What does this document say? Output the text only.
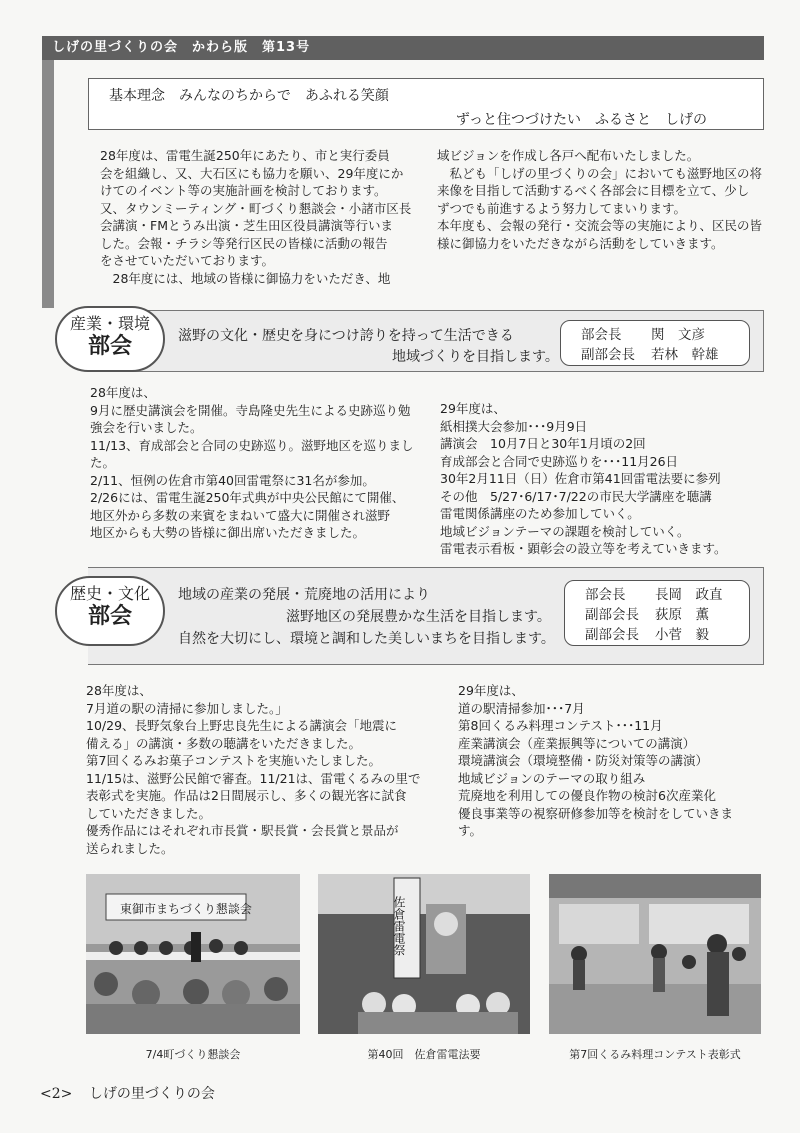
しげの里づくりの会　かわら版　第13号
基本理念　みんなのちからで　あふれる笑顔
ずっと住つづけたい　ふるさと　しげの

28年度は、雷電生誕250年にあたり、市と実行委員

会を組織し、又、大石区にも協力を願い、29年度にか

けてのイベント等の実施計画を検討しております。

又、タウンミーティング・町づくり懇談会・小諸市区長

会講演・FMとうみ出演・芝生田区役員講演等行いま

した。会報・チラシ等発行区民の皆様に活動の報告

をさせていただいております。

　28年度には、地域の皆様に御協力をいただき、地

域ビジョンを作成し各戸へ配布いたしました。

　私ども「しげの里づくりの会」においても滋野地区の将

来像を目指して活動するべく各部会に目標を立て、少し

ずつでも前進するよう努力してまいります。

本年度も、会報の発行・交流会等の実施により、区民の皆

様に御協力をいただきながら活動をしていきます。

産業・環境
部会	滋野の文化・歴史を身につけ誇りを持って生活できる
地域づくりを目指します。
部会長	関　文彦
副部会長	若林　幹雄

28年度は、

9月に歴史講演会を開催。寺島隆史先生による史跡巡り勉

強会を行いました。

11/13、育成部会と合同の史跡巡り。滋野地区を巡りまし

た。

2/11、恒例の佐倉市第40回雷電祭に31名が参加。

2/26には、雷電生誕250年式典が中央公民館にて開催、

地区外から多数の来賓をまねいて盛大に開催され滋野

地区からも大勢の皆様に御出席いただきました。

29年度は、

紙相撲大会参加･･･9月9日

講演会　10月7日と30年1月頃の2回

育成部会と合同で史跡巡りを･･･11月26日

30年2月11日（日）佐倉市第41回雷電法要に参列

その他　5/27･6/17･7/22の市民大学講座を聴講

雷電関係講座のため参加していく。

地域ビジョンテーマの課題を検討していく。

雷電表示看板・顕彰会の設立等を考えていきます。

歴史・文化
部会
地域の産業の発展・荒廃地の活用により
滋野地区の発展豊かな生活を目指します。
自然を大切にし、環境と調和した美しいまちを目指します。
部会長	長岡　政直
副部会長	荻原　薫
副部会長	小菅　毅

28年度は、

7月道の駅の清掃に参加しました。」

10/29、長野気象台上野忠良先生による講演会「地震に

備える」の講演・多数の聴講をいただきました。

第7回くるみお菓子コンテストを実施いたしました。

11/15は、滋野公民館で審査。11/21は、雷電くるみの里で

表彰式を実施。作品は2日間展示し、多くの観光客に試食

していただきました。

優秀作品にはそれぞれ市長賞・駅長賞・会長賞と景品が

送られました。

29年度は、

道の駅清掃参加･･･7月

第8回くるみ料理コンテスト･･･11月

産業講演会（産業振興等についての講演）

環境講演会（環境整備・防災対策等の講演）

地域ビジョンのテーマの取り組み

荒廃地を利用しての優良作物の検討6次産業化

優良事業等の視察研修参加等を検討をしていきま

す。

東御市まちづくり懇談会	佐倉雷電祭
7/4町づくり懇談会	第40回　佐倉雷電法要	第7回くるみ料理コンテスト表彰式
<2> しげの里づくりの会
